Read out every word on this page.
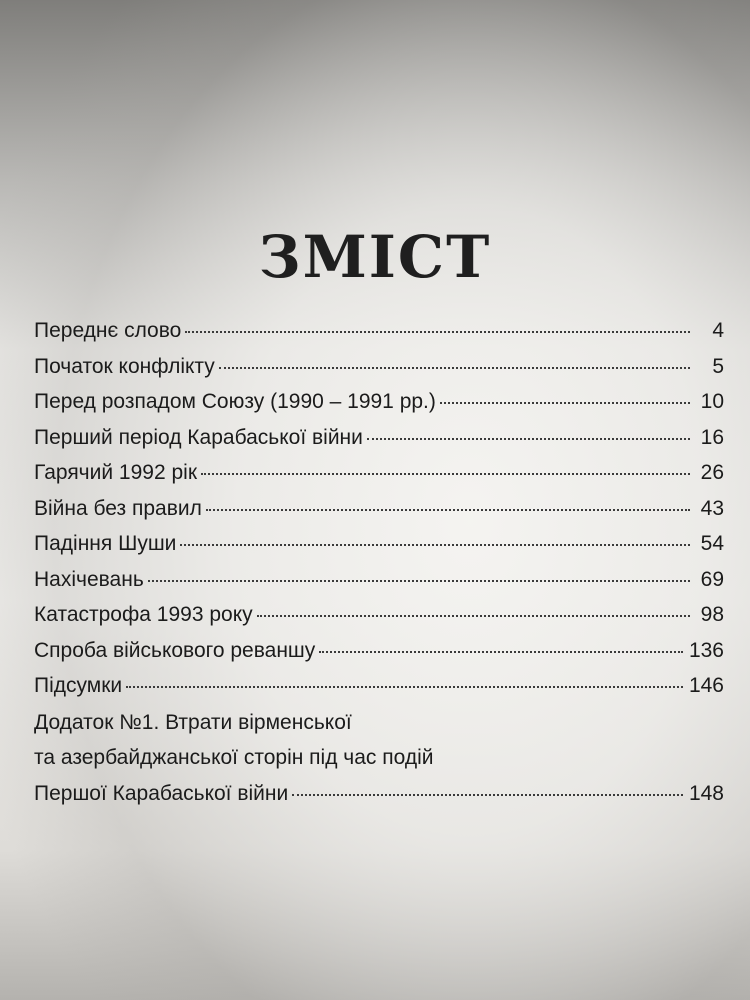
ЗМІСТ
Переднє слово	4
Початок конфлікту	5
Перед розпадом Союзу (1990 – 1991 рр.)	10
Перший період Карабаської війни	16
Гарячий 1992 рік	26
Війна без правил	43
Падіння Шуши	54
Нахічевань	69
Катастрофа 1993 року	98
Спроба військового реваншу	136
Підсумки	146
Додаток №1. Втрати вірменської
та азербайджанської сторін під час подій
Першої Карабаської війни	148
